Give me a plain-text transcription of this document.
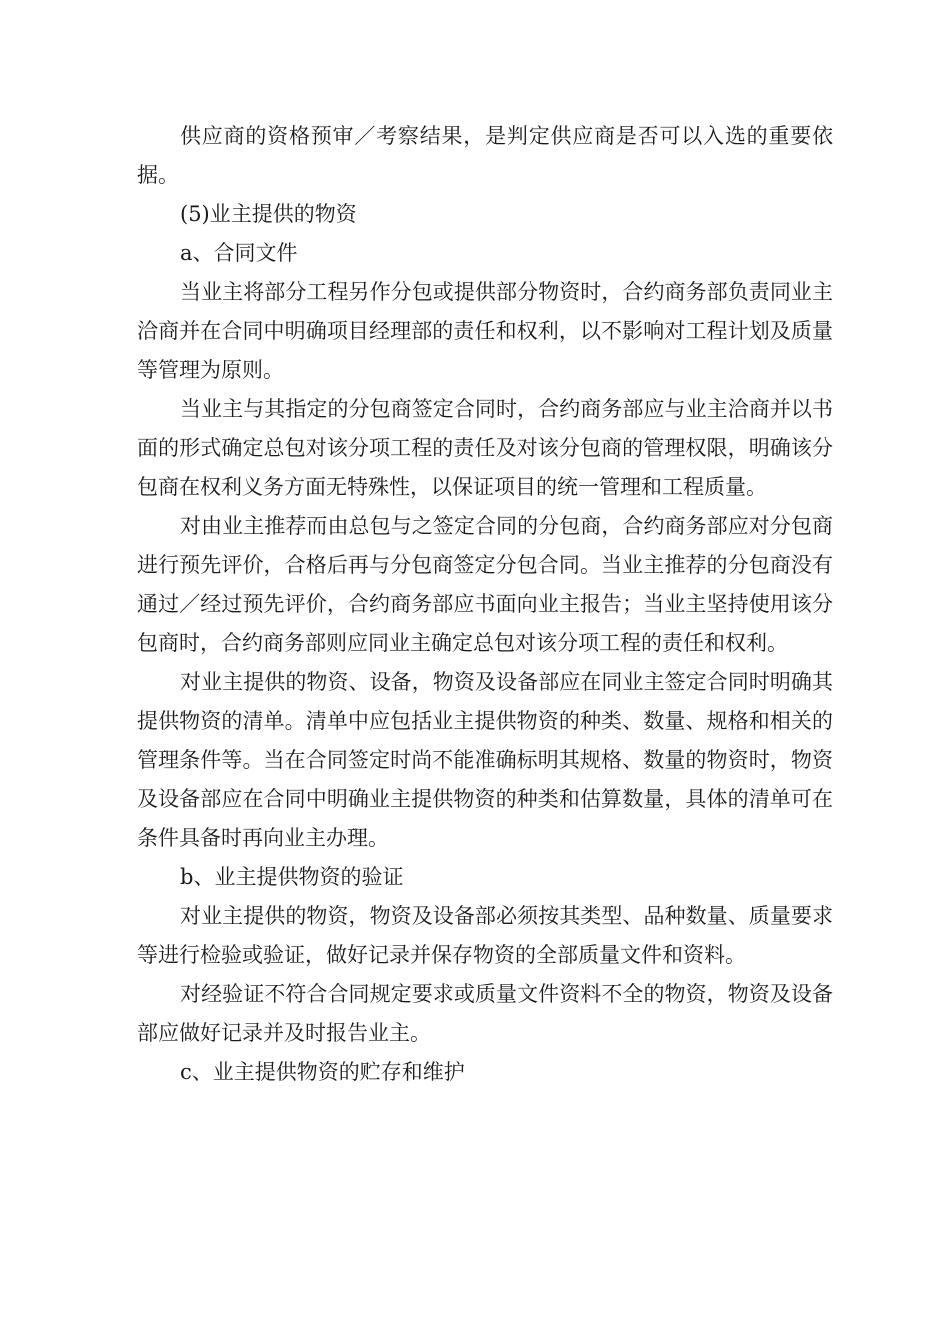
供应商的资格预审／考察结果，是判定供应商是否可以入选的重要依据。

(5)业主提供的物资

a、合同文件

当业主将部分工程另作分包或提供部分物资时，合约商务部负责同业主洽商并在合同中明确项目经理部的责任和权利，以不影响对工程计划及质量等管理为原则。

当业主与其指定的分包商签定合同时，合约商务部应与业主洽商并以书面的形式确定总包对该分项工程的责任及对该分包商的管理权限，明确该分包商在权利义务方面无特殊性，以保证项目的统一管理和工程质量。

对由业主推荐而由总包与之签定合同的分包商，合约商务部应对分包商进行预先评价，合格后再与分包商签定分包合同。当业主推荐的分包商没有通过／经过预先评价，合约商务部应书面向业主报告；当业主坚持使用该分包商时，合约商务部则应同业主确定总包对该分项工程的责任和权利。

对业主提供的物资、设备，物资及设备部应在同业主签定合同时明确其提供物资的清单。清单中应包括业主提供物资的种类、数量、规格和相关的管理条件等。当在合同签定时尚不能准确标明其规格、数量的物资时，物资及设备部应在合同中明确业主提供物资的种类和估算数量，具体的清单可在条件具备时再向业主办理。

b、业主提供物资的验证

对业主提供的物资，物资及设备部必须按其类型、品种数量、质量要求等进行检验或验证，做好记录并保存物资的全部质量文件和资料。

对经验证不符合合同规定要求或质量文件资料不全的物资，物资及设备部应做好记录并及时报告业主。

c、业主提供物资的贮存和维护
